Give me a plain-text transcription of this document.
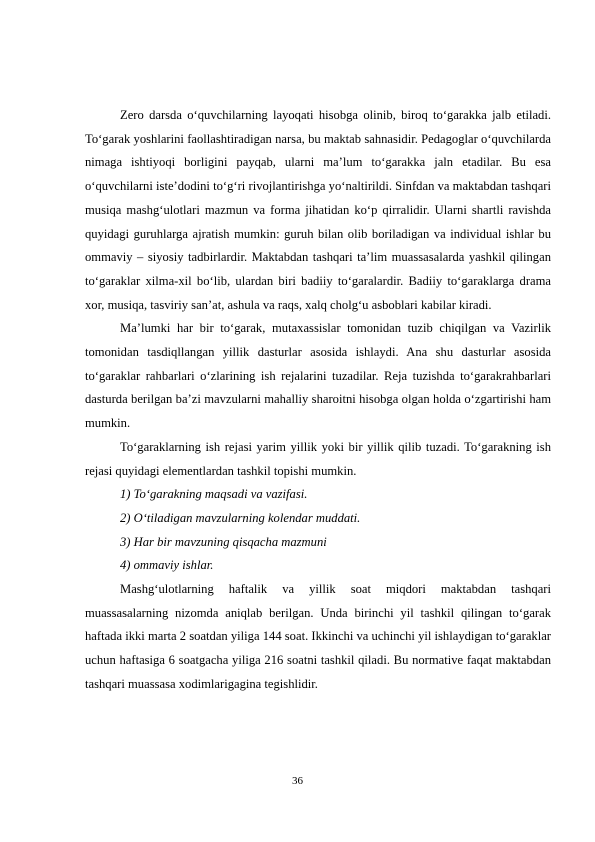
Zero darsda o‘quvchilarning layoqati hisobga olinib, biroq to‘garakka jalb etiladi. To‘garak yoshlarini faollashtiradigan narsa, bu maktab sahnasidir. Pedagoglar o‘quvchilarda nimaga ishtiyoqi borligini payqab, ularni ma’lum to‘garakka jaln etadilar. Bu esa o‘quvchilarni iste’dodini to‘g‘ri rivojlantirishga yo‘naltirildi. Sinfdan va maktabdan tashqari musiqa mashg‘ulotlari mazmun va forma jihatidan ko‘p qirralidir. Ularni shartli ravishda quyidagi guruhlarga ajratish mumkin: guruh bilan olib boriladigan va individual ishlar bu ommaviy – siyosiy tadbirlardir. Maktabdan tashqari ta’lim muassasalarda yashkil qilingan to‘garaklar xilma-xil bo‘lib, ulardan biri badiiy to‘garalardir. Badiiy to‘garaklarga drama xor, musiqa, tasviriy san’at, ashula va raqs, xalq cholg‘u asboblari kabilar kiradi.

Ma’lumki har bir to‘garak, mutaxassislar tomonidan tuzib chiqilgan va Vazirlik tomonidan tasdiqllangan yillik dasturlar asosida ishlaydi. Ana shu dasturlar asosida to‘garaklar rahbarlari o‘zlarining ish rejalarini tuzadilar. Reja tuzishda to‘garakrahbarlari dasturda berilgan ba’zi mavzularni mahalliy sharoitni hisobga olgan holda o‘zgartirishi ham mumkin.

To‘garaklarning ish rejasi yarim yillik yoki bir yillik qilib tuzadi. To‘garakning ish rejasi quyidagi elementlardan tashkil topishi mumkin.

1) To‘garakning maqsadi va vazifasi.

2) O‘tiladigan mavzularning kolendar muddati.

3) Har bir mavzuning qisqacha mazmuni

4) ommaviy ishlar.

Mashg‘ulotlarning haftalik va yillik soat miqdori maktabdan tashqari muassasalarning nizomda aniqlab berilgan. Unda birinchi yil tashkil qilingan to‘garak haftada ikki marta 2 soatdan yiliga 144 soat. Ikkinchi va uchinchi yil ishlaydigan to‘garaklar uchun haftasiga 6 soatgacha yiliga 216 soatni tashkil qiladi. Bu normative faqat maktabdan tashqari muassasa xodimlarigagina tegishlidir.

36
